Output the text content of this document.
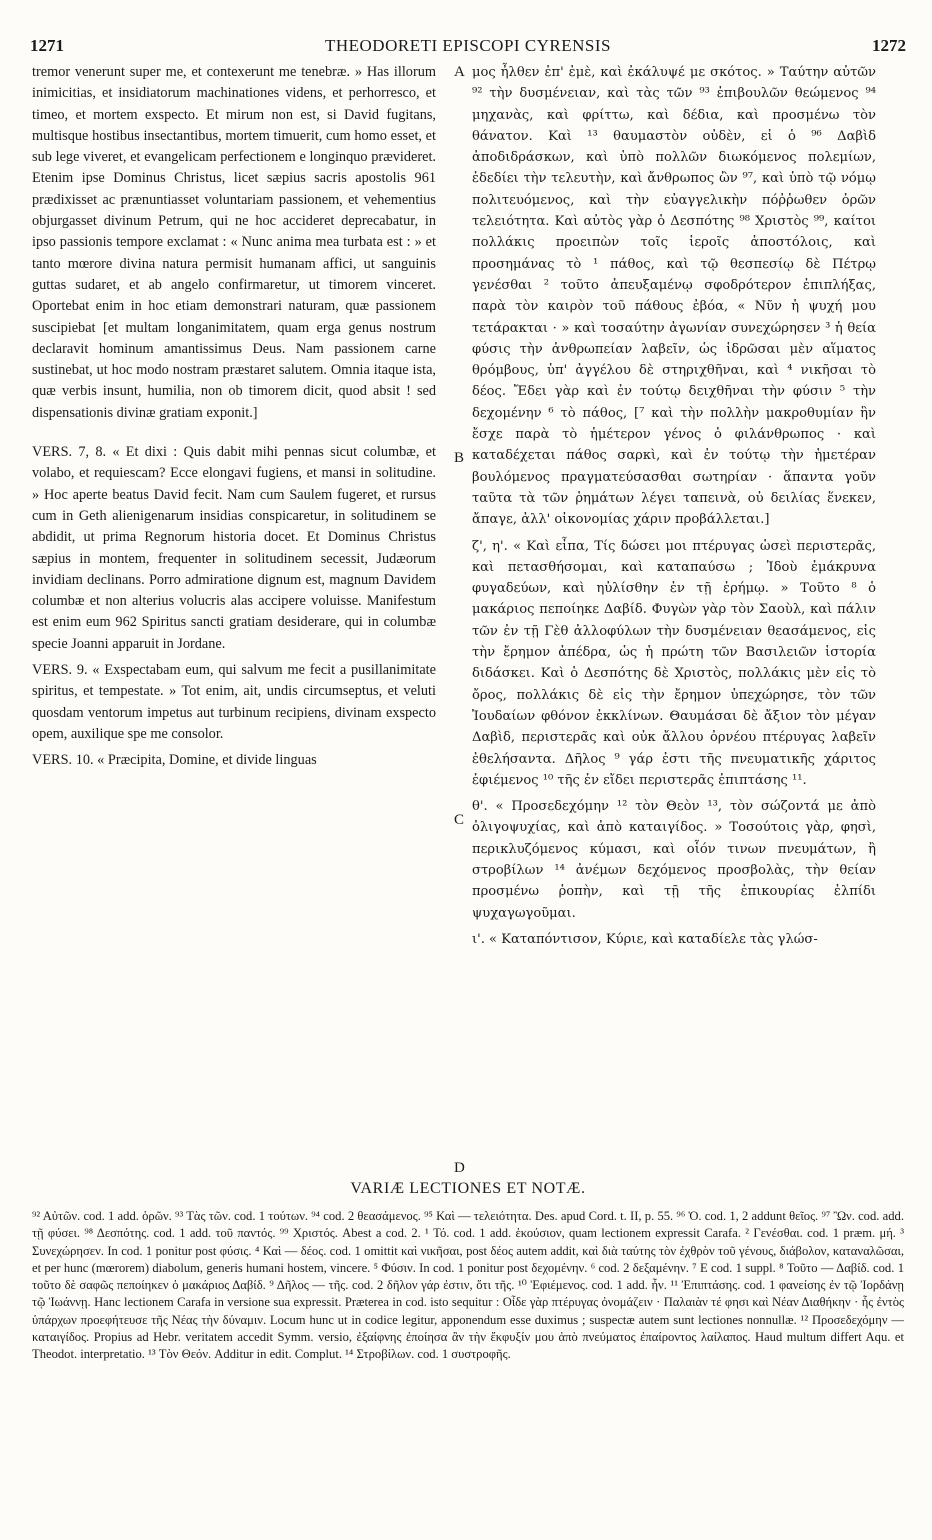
1271	THEODORETI EPISCOPI CYRENSIS	1272

tremor venerunt super me, et contexerunt me tenebræ. » Has illorum inimicitias, et insidiatorum machinationes videns, et perhorresco, et timeo, et mortem exspecto. Et mirum non est, si David fugitans, multisque hostibus insectantibus, mortem timuerit, cum homo esset, et sub lege viveret, et evangelicam perfectionem e longinquo prævideret. Etenim ipse Dominus Christus, licet sæpius sacris apostolis 961 prædixisset ac prænuntiasset voluntariam passionem, et vehementius objurgasset divinum Petrum, qui ne hoc accideret deprecabatur, in ipso passionis tempore exclamat : « Nunc anima mea turbata est : » et tanto mœrore divina natura permisit humanam affici, ut sanguinis guttas sudaret, et ab angelo confirmaretur, ut timorem vinceret. Oportebat enim in hoc etiam demonstrari naturam, quæ passionem suscipiebat [et multam longanimitatem, quam erga genus nostrum declaravit hominum amantissimus Deus. Nam passionem carne sustinebat, ut hoc modo nostram præstaret salutem. Omnia itaque ista, quæ verbis insunt, humilia, non ob timorem dicit, quod absit ! sed dispensationis divinæ gratiam exponit.]

VERS. 7, 8. « Et dixi : Quis dabit mihi pennas sicut columbæ, et volabo, et requiescam? Ecce elongavi fugiens, et mansi in solitudine. » Hoc aperte beatus David fecit. Nam cum Saulem fugeret, et rursus cum in Geth alienigenarum insidias conspicaretur, in solitudinem se abdidit, ut prima Regnorum historia docet. Et Dominus Christus sæpius in montem, frequenter in solitudinem secessit, Judæorum invidiam declinans. Porro admiratione dignum est, magnum Davidem columbæ et non alterius volucris alas accipere voluisse. Manifestum est enim eum 962 Spiritus sancti gratiam desiderare, qui in columbæ specie Joanni apparuit in Jordane.

VERS. 9. « Exspectabam eum, qui salvum me fecit a pusillanimitate spiritus, et tempestate. » Tot enim, ait, undis circumseptus, et veluti quosdam ventorum impetus aut turbinum recipiens, divinam exspecto opem, auxilique spe me consolor.

VERS. 10. « Præcipita, Domine, et divide linguas

A
B
C
D

μος ἦλθεν ἐπ' ἐμὲ, καὶ ἐκάλυψέ με σκότος. » Ταύτην αὐτῶν ⁹² τὴν δυσμένειαν, καὶ τὰς τῶν ⁹³ ἐπιβουλῶν θεώμενος ⁹⁴ μηχανὰς, καὶ φρίττω, καὶ δέδια, καὶ προσμένω τὸν θάνατον. Καὶ ¹³ θαυμαστὸν οὐδὲν, εἰ ὁ ⁹⁶ Δαβὶδ ἀποδιδράσκων, καὶ ὑπὸ πολλῶν διωκόμενος πολεμίων, ἐδεδίει τὴν τελευτὴν, καὶ ἄνθρωπος ὢν ⁹⁷, καὶ ὑπὸ τῷ νόμῳ πολιτευόμενος, καὶ τὴν εὐαγγελικὴν πόῤῥωθεν ὁρῶν τελειότητα. Καὶ αὐτὸς γὰρ ὁ Δεσπότης ⁹⁸ Χριστὸς ⁹⁹, καίτοι πολλάκις προειπὼν τοῖς ἱεροῖς ἀποστόλοις, καὶ προσημάνας τὸ ¹ πάθος, καὶ τῷ θεσπεσίῳ δὲ Πέτρῳ γενέσθαι ² τοῦτο ἀπευξαμένῳ σφοδρότερον ἐπιπλήξας, παρὰ τὸν καιρὸν τοῦ πάθους ἐβόα, « Νῦν ἡ ψυχή μου τετάρακται · » καὶ τοσαύτην ἀγωνίαν συνεχώρησεν ³ ἡ θεία φύσις τὴν ἀνθρωπείαν λαβεῖν, ὡς ἱδρῶσαι μὲν αἵματος θρόμβους, ὑπ' ἀγγέλου δὲ στηριχθῆναι, καὶ ⁴ νικῆσαι τὸ δέος. Ἔδει γὰρ καὶ ἐν τούτῳ δειχθῆναι τὴν φύσιν ⁵ τὴν δεχομένην ⁶ τὸ πάθος, [⁷ καὶ τὴν πολλὴν μακροθυμίαν ἣν ἔσχε παρὰ τὸ ἡμέτερον γένος ὁ φιλάνθρωπος · καὶ καταδέχεται πάθος σαρκὶ, καὶ ἐν τούτῳ τὴν ἡμετέραν βουλόμενος πραγματεύσασθαι σωτηρίαν · ἅπαντα γοῦν ταῦτα τὰ τῶν ῥημάτων λέγει ταπεινὰ, οὐ δειλίας ἕνεκεν, ἄπαγε, ἀλλ' οἰκονομίας χάριν προβάλλεται.]

ζ', η'. « Καὶ εἶπα, Τίς δώσει μοι πτέρυγας ὡσεὶ περιστερᾶς, καὶ πετασθήσομαι, καὶ καταπαύσω ; Ἰδοὺ ἐμάκρυνα φυγαδεύων, καὶ ηὐλίσθην ἐν τῇ ἐρήμῳ. » Τοῦτο ⁸ ὁ μακάριος πεποίηκε Δαβίδ. Φυγὼν γὰρ τὸν Σαοὺλ, καὶ πάλιν τῶν ἐν τῇ Γὲθ ἀλλοφύλων τὴν δυσμένειαν θεασάμενος, εἰς τὴν ἔρημον ἀπέδρα, ὡς ἡ πρώτη τῶν Βασιλειῶν ἱστορία διδάσκει. Καὶ ὁ Δεσπότης δὲ Χριστὸς, πολλάκις μὲν εἰς τὸ ὄρος, πολλάκις δὲ εἰς τὴν ἔρημον ὑπεχώρησε, τὸν τῶν Ἰουδαίων φθόνον ἐκκλίνων. Θαυμάσαι δὲ ἄξιον τὸν μέγαν Δαβὶδ, περιστερᾶς καὶ οὐκ ἄλλου ὀρνέου πτέρυγας λαβεῖν ἐθελήσαντα. Δῆλος ⁹ γάρ ἐστι τῆς πνευματικῆς χάριτος ἐφιέμενος ¹⁰ τῆς ἐν εἴδει περιστερᾶς ἐπιπτάσης ¹¹.

θ'. « Προσεδεχόμην ¹² τὸν Θεὸν ¹³, τὸν σώζοντά με ἀπὸ ὀλιγοψυχίας, καὶ ἀπὸ καταιγίδος. » Τοσούτοις γὰρ, φησὶ, περικλυζόμενος κύμασι, καὶ οἷόν τινων πνευμάτων, ἢ στροβίλων ¹⁴ ἀνέμων δεχόμενος προσβολὰς, τὴν θείαν προσμένω ῥοπὴν, καὶ τῇ τῆς ἐπικουρίας ἐλπίδι ψυχαγωγοῦμαι.

ι'. « Καταπόντισον, Κύριε, καὶ καταδίελε τὰς γλώσ-

VARIÆ LECTIONES ET NOTÆ.
⁹² Αὐτῶν. cod. 1 add. ὁρῶν. ⁹³ Τὰς τῶν. cod. 1 τούτων. ⁹⁴ cod. 2 θεασάμενος. ⁹⁵ Καὶ — τελειότητα. Des. apud Cord. t. II, p. 55. ⁹⁶ Ὁ. cod. 1, 2 addunt θεῖος. ⁹⁷ Ὢν. cod. add. τῇ φύσει. ⁹⁸ Δεσπότης. cod. 1 add. τοῦ παντός. ⁹⁹ Χριστός. Abest a cod. 2. ¹ Τό. cod. 1 add. ἑκούσιον, quam lectionem expressit Carafa. ² Γενέσθαι. cod. 1 præm. μή. ³ Συνεχώρησεν. In cod. 1 ponitur post φύσις. ⁴ Καὶ — δέος. cod. 1 omittit καὶ νικῆσαι, post δέος autem addit, καὶ διὰ ταύτης τὸν ἐχθρὸν τοῦ γένους, διάβολον, καταναλῶσαι, et per hunc (mœrorem) diabolum, generis humani hostem, vincere. ⁵ Φύσιν. In cod. 1 ponitur post δεχομένην. ⁶ cod. 2 δεξαμένην. ⁷ E cod. 1 suppl. ⁸ Τοῦτο — Δαβίδ. cod. 1 τοῦτο δὲ σαφῶς πεποίηκεν ὁ μακάριος Δαβίδ. ⁹ Δῆλος — τῆς. cod. 2 δῆλον γάρ ἐστιν, ὅτι τῆς. ¹⁰ Ἐφιέμενος. cod. 1 add. ἦν. ¹¹ Ἐπιπτάσης. cod. 1 φανείσης ἐν τῷ Ἰορδάνῃ τῷ Ἰωάννῃ. Hanc lectionem Carafa in versione sua expressit. Præterea in cod. isto sequitur : Οἶδε γὰρ πτέρυγας ὀνομάζειν · Παλαιὰν τέ φησι καὶ Νέαν Διαθήκην · ἧς ἐντὸς ὑπάρχων προεφήτευσε τῆς Νέας τὴν δύναμιν. Locum hunc ut in codice legitur, apponendum esse duximus ; suspectæ autem sunt lectiones nonnullæ. ¹² Προσεδεχόμην — καταιγίδος. Propius ad Hebr. veritatem accedit Symm. versio, ἐξαίφνης ἐποίησα ἂν τὴν ἔκφυξίν μου ἀπὸ πνεύματος ἐπαίροντος λαίλαπος. Haud multum differt Aqu. et Theodot. interpretatio. ¹³ Τὸν Θεόν. Additur in edit. Complut. ¹⁴ Στροβίλων. cod. 1 συστροφῆς.
